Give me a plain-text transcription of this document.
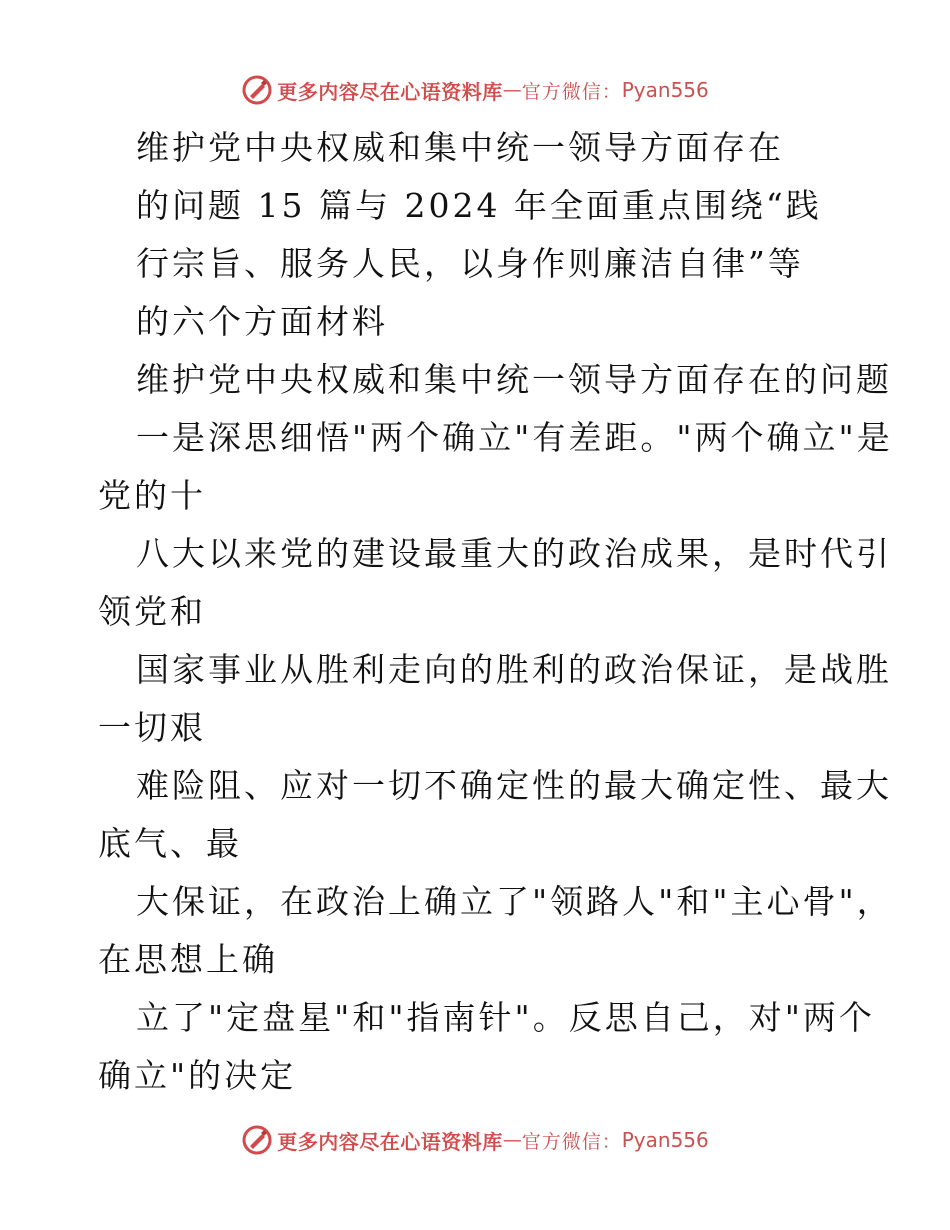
更多内容尽在心语资料库 — 官方微信： Pyan556
维护党中央权威和集中统一领导方面存在
的问题 15 篇与 2024 年全面重点围绕“践
行宗旨、服务人民，以身作则廉洁自律”等
的六个方面材料
维护党中央权威和集中统一领导方面存在的问题
一是深思细悟"两个确立"有差距。"两个确立"是
党的十
八大以来党的建设最重大的政治成果，是时代引
领党和
国家事业从胜利走向的胜利的政治保证，是战胜
一切艰
难险阻、应对一切不确定性的最大确定性、最大
底气、最
大保证，在政治上确立了"领路人"和"主心骨"，
在思想上确
立了"定盘星"和"指南针"。反思自己，对"两个
确立"的决定
更多内容尽在心语资料库 — 官方微信： Pyan556
